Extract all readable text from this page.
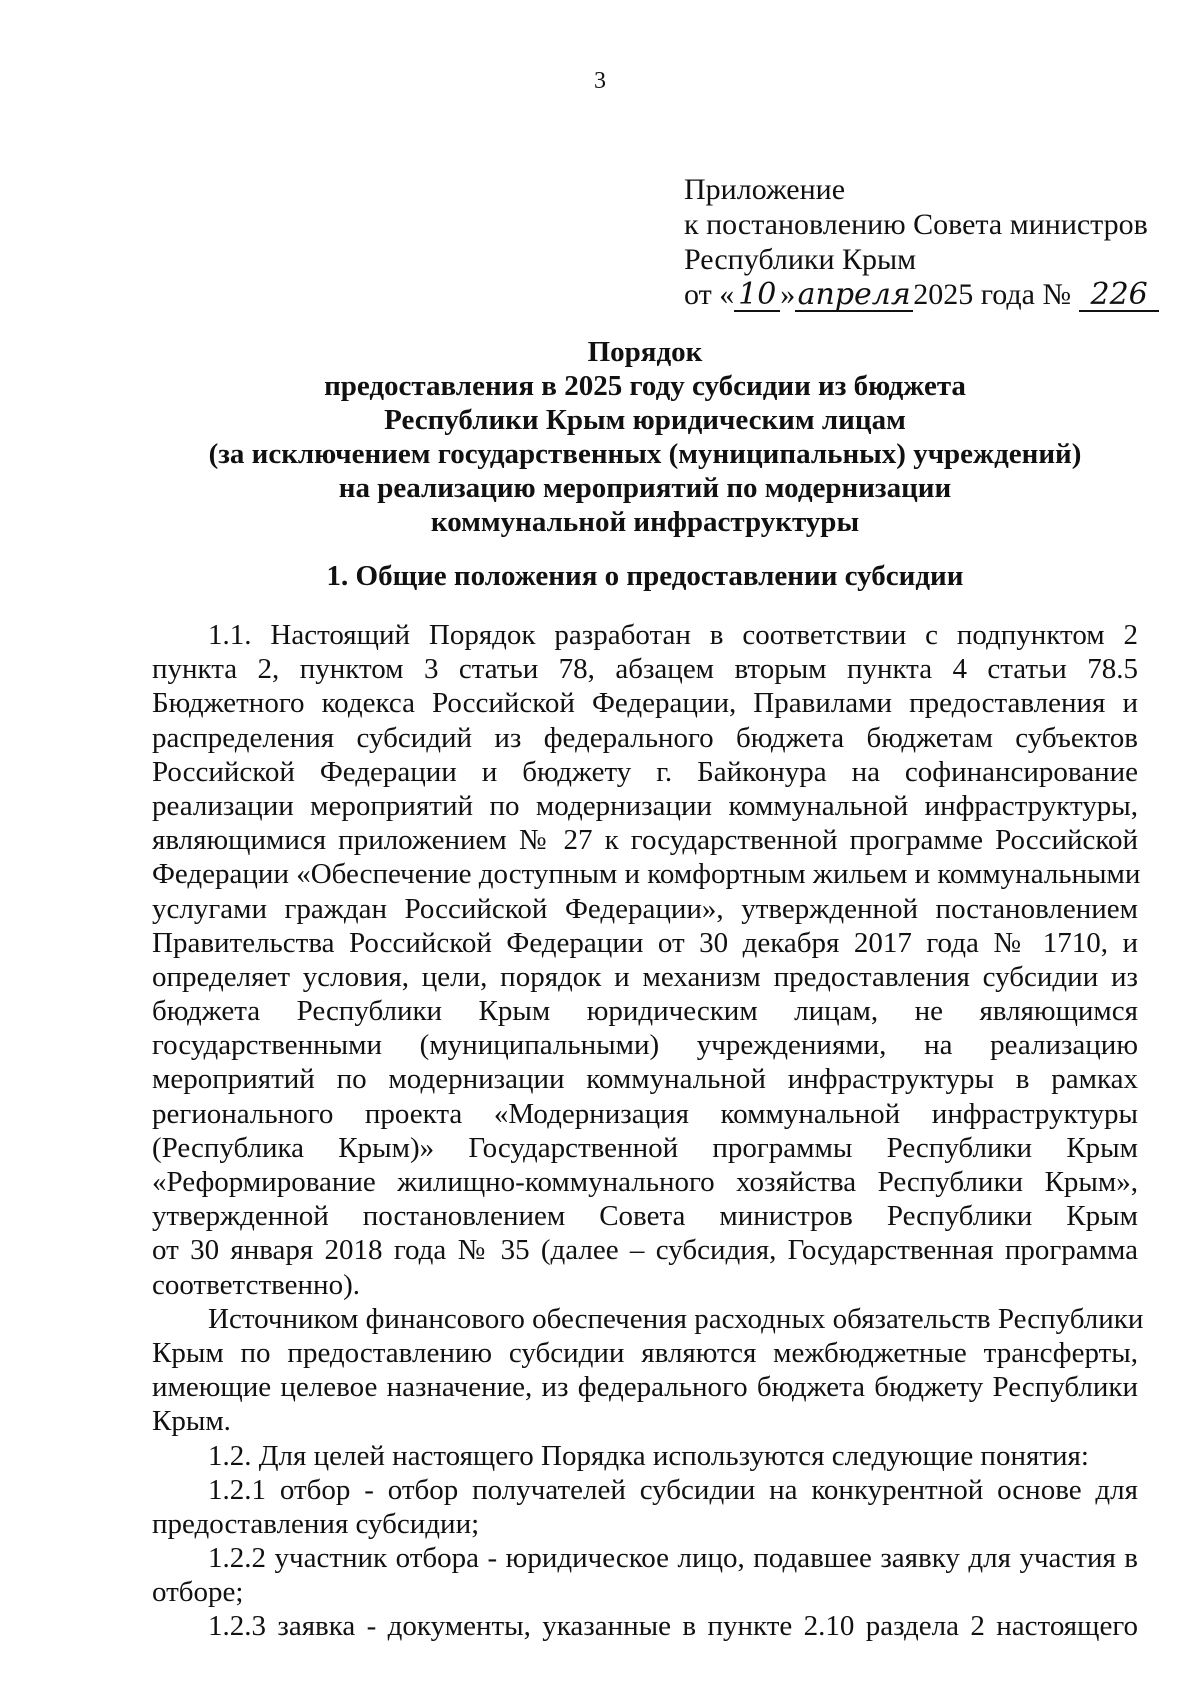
3
Приложение
к постановлению Совета министров
Республики Крым
от « 10 »апреля2025 года № 226
Порядок
предоставления в 2025 году субсидии из бюджета
Республики Крым юридическим лицам
(за исключением государственных (муниципальных) учреждений)
на реализацию мероприятий по модернизации
коммунальной инфраструктуры
1. Общие положения о предоставлении субсидии
1.1. Настоящий Порядок разработан в соответствии с подпунктом 2
пункта 2, пунктом 3 статьи 78, абзацем вторым пункта 4 статьи 78.5
Бюджетного кодекса Российской Федерации, Правилами предоставления и
распределения субсидий из федерального бюджета бюджетам субъектов
Российской Федерации и бюджету г. Байконура на софинансирование
реализации мероприятий по модернизации коммунальной инфраструктуры,
являющимися приложением № 27 к государственной программе Российской
Федерации «Обеспечение доступным и комфортным жильем и коммунальными
услугами граждан Российской Федерации», утвержденной постановлением
Правительства Российской Федерации от 30 декабря 2017 года № 1710, и
определяет условия, цели, порядок и механизм предоставления субсидии из
бюджета Республики Крым юридическим лицам, не являющимся
государственными (муниципальными) учреждениями, на реализацию
мероприятий по модернизации коммунальной инфраструктуры в рамках
регионального проекта «Модернизация коммунальной инфраструктуры
(Республика Крым)» Государственной программы Республики Крым
«Реформирование жилищно-коммунального хозяйства Республики Крым»,
утвержденной постановлением Совета министров Республики Крым
от 30 января 2018 года № 35 (далее – субсидия, Государственная программа
соответственно).
Источником финансового обеспечения расходных обязательств Республики
Крым по предоставлению субсидии являются межбюджетные трансферты,
имеющие целевое назначение, из федерального бюджета бюджету Республики
Крым.
1.2. Для целей настоящего Порядка используются следующие понятия:
1.2.1 отбор - отбор получателей субсидии на конкурентной основе для
предоставления субсидии;
1.2.2 участник отбора - юридическое лицо, подавшее заявку для участия в
отборе;
1.2.3 заявка - документы, указанные в пункте 2.10 раздела 2 настоящего
